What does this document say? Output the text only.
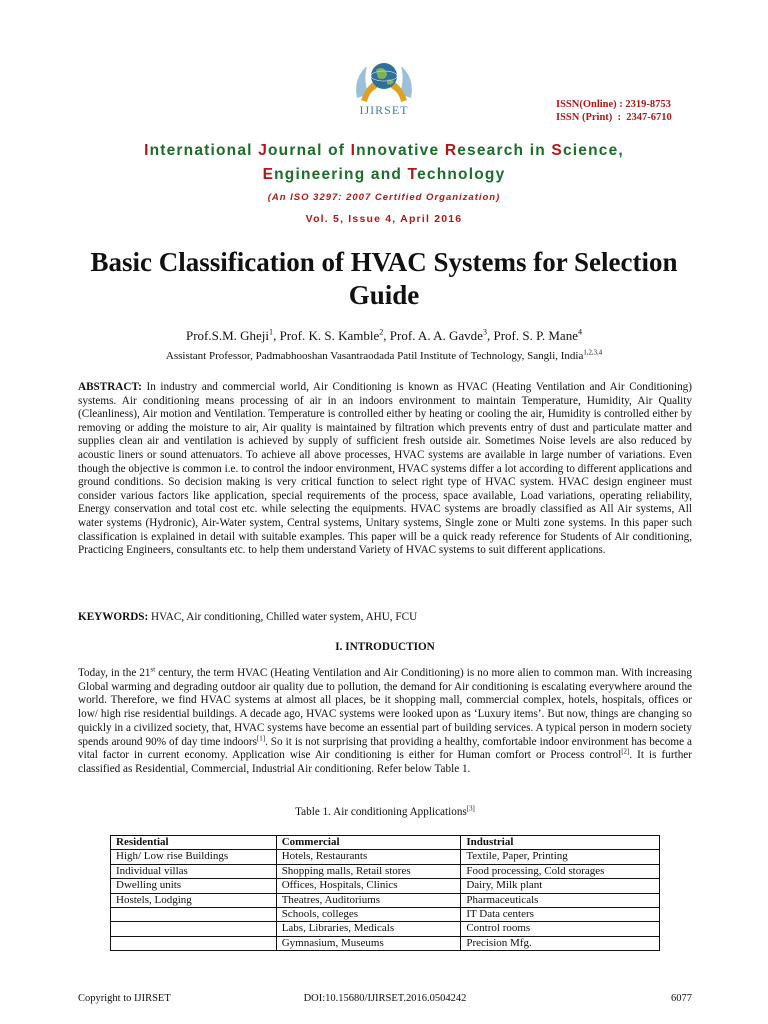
IJIRSET	ISSN(Online) : 2319-8753
ISSN (Print)  :  2347-6710
International Journal of Innovative Research in Science,
Engineering and Technology
(An ISO 3297: 2007 Certified Organization)
Vol. 5, Issue 4, April 2016
Basic Classification of HVAC Systems for Selection Guide
Prof.S.M. Gheji$^1$, Prof. K. S. Kamble$^2$, Prof. A. A. Gavde$^3$, Prof. S. P. Mane$^4$
Assistant Professor, Padmabhooshan Vasantraodada Patil Institute of Technology, Sangli, India$^{1,2,3,4}$
ABSTRACT: In industry and commercial world, Air Conditioning is known as HVAC (Heating Ventilation and Air Conditioning) systems. Air conditioning means processing of air in an indoors environment to maintain Temperature, Humidity, Air Quality (Cleanliness), Air motion and Ventilation. Temperature is controlled either by heating or cooling the air, Humidity is controlled either by removing or adding the moisture to air, Air quality is maintained by filtration which prevents entry of dust and particulate matter and supplies clean air and ventilation is achieved by supply of sufficient fresh outside air. Sometimes Noise levels are also reduced by acoustic liners or sound attenuators. To achieve all above processes, HVAC systems are available in large number of variations. Even though the objective is common i.e. to control the indoor environment, HVAC systems differ a lot according to different applications and ground conditions. So decision making is very critical function to select right type of HVAC system. HVAC design engineer must consider various factors like application, special requirements of the process, space available, Load variations, operating reliability, Energy conservation and total cost etc. while selecting the equipments. HVAC systems are broadly classified as All Air systems, All water systems (Hydronic), Air-Water system, Central systems, Unitary systems, Single zone or Multi zone systems. In this paper such classification is explained in detail with suitable examples. This paper will be a quick ready reference for Students of Air conditioning, Practicing Engineers, consultants etc. to help them understand Variety of HVAC systems to suit different applications.
KEYWORDS: HVAC, Air conditioning, Chilled water system, AHU, FCU
I. INTRODUCTION
Today, in the 21st century, the term HVAC (Heating Ventilation and Air Conditioning) is no more alien to common man. With increasing Global warming and degrading outdoor air quality due to pollution, the demand for Air conditioning is escalating everywhere around the world. Therefore, we find HVAC systems at almost all places, be it shopping mall, commercial complex, hotels, hospitals, offices or low/ high rise residential buildings. A decade ago, HVAC systems were looked upon as ‘Luxury items’. But now, things are changing so quickly in a civilized society, that, HVAC systems have become an essential part of building services. A typical person in modern society spends around 90% of day time indoors[1]. So it is not surprising that providing a healthy, comfortable indoor environment has become a vital factor in current economy. Application wise Air conditioning is either for Human comfort or Process control[2]. It is further classified as Residential, Commercial, Industrial Air conditioning. Refer below Table 1.
Table 1. Air conditioning Applications[3]
Residential	Commercial	Industrial
High/ Low rise Buildings	Hotels, Restaurants	Textile, Paper, Printing
Individual villas	Shopping malls, Retail stores	Food processing, Cold storages
Dwelling units	Offices, Hospitals, Clinics	Dairy, Milk plant
Hostels, Lodging	Theatres, Auditoriums	Pharmaceuticals
	Schools, colleges	IT Data centers
	Labs, Libraries, Medicals	Control rooms
	Gymnasium, Museums	Precision Mfg.
Copyright to IJIRSET	DOI:10.15680/IJIRSET.2016.0504242	6077
